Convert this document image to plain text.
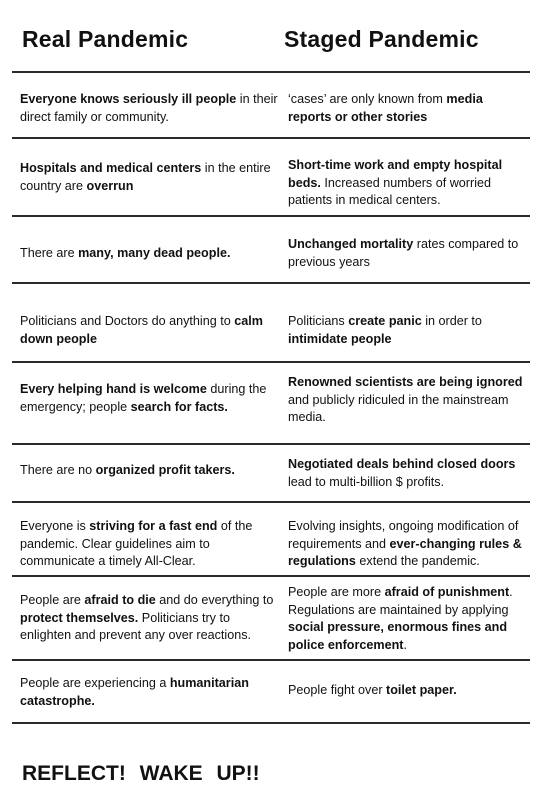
Real Pandemic	Staged Pandemic
Everyone knows seriously ill people in their direct family or community.
‘cases’ are only known from media reports or other stories
Hospitals and medical centers in the entire country are overrun
Short-time work and empty hospital beds. Increased numbers of worried patients in medical centers.
There are many, many dead people.
Unchanged mortality rates compared to previous years
Politicians and Doctors do anything to calm down people
Politicians create panic in order to intimidate people
Every helping hand is welcome during the emergency; people search for facts.
Renowned scientists are being ignored and publicly ridiculed in the mainstream media.
There are no organized profit takers.	Negotiated deals behind closed doors lead to multi-billion $ profits.
Everyone is striving for a fast end of the pandemic. Clear guidelines aim to communicate a timely All-Clear.
Evolving insights, ongoing modification of requirements and ever-changing rules & regulations extend the pandemic.
People are afraid to die and do everything to protect themselves. Politicians try to enlighten and prevent any over reactions.
People are more afraid of punishment. Regulations are maintained by applying social pressure, enormous fines and police enforcement.
People are experiencing a humanitarian catastrophe.
People fight over toilet paper.
REFLECT! WAKE UP!!
